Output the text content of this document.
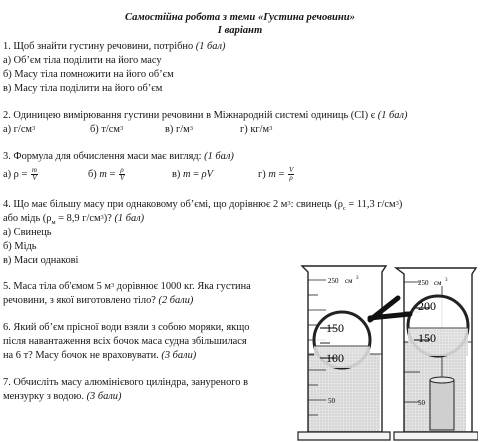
Самостійна робота з теми «Густина речовини»
I варіант
1. Щоб знайти густину речовини, потрібно (1 бал)
а) Об’єм тіла поділити на його масу
б) Масу тіла помножити на його об’єм
в) Масу тіла поділити на його об’єм
2. Одиницею вимірювання густини речовини в Міжнародній системі одиниць (СІ) є (1 бал)
а) $г/см^3$	б) $т/см^3$	в) $г/м^3$	г) $кг/м^3$
3. Формула для обчислення маси має вигляд: (1 бал)
а) $\rho = \frac{m}{V}$	б) $m = \frac{\rho}{V}$	в) m = ρV	г) $m = \frac{V}{\rho}$
4. Що має більшу масу при однаковому об’ємі, що дорівнює 2 $м^3$: свинець ($\rho_с = 11,3$ $г/см^3$)
або мідь ($\rho_м = 8,9$ $г/см^3$)? (1 бал)
а) Свинець
б) Мідь
в) Маси однакові
5. Маса тіла об'ємом 5 $м^3$ дорівнює 1000 кг. Яка густина
речовини, з якої виготовлено тіло? (2 бали)
6. Який об’єм прісної води взяли з собою моряки, якщо
після навантаження всіх бочок маса судна збільшилася
на 6 т? Масу бочок не враховувати. (3 бали)
7. Обчисліть масу алюмінієвого циліндра, зануреного в
мензурку з водою. (3 бали)
250 см 3
50
150
100
250 см 3
50
200
150
